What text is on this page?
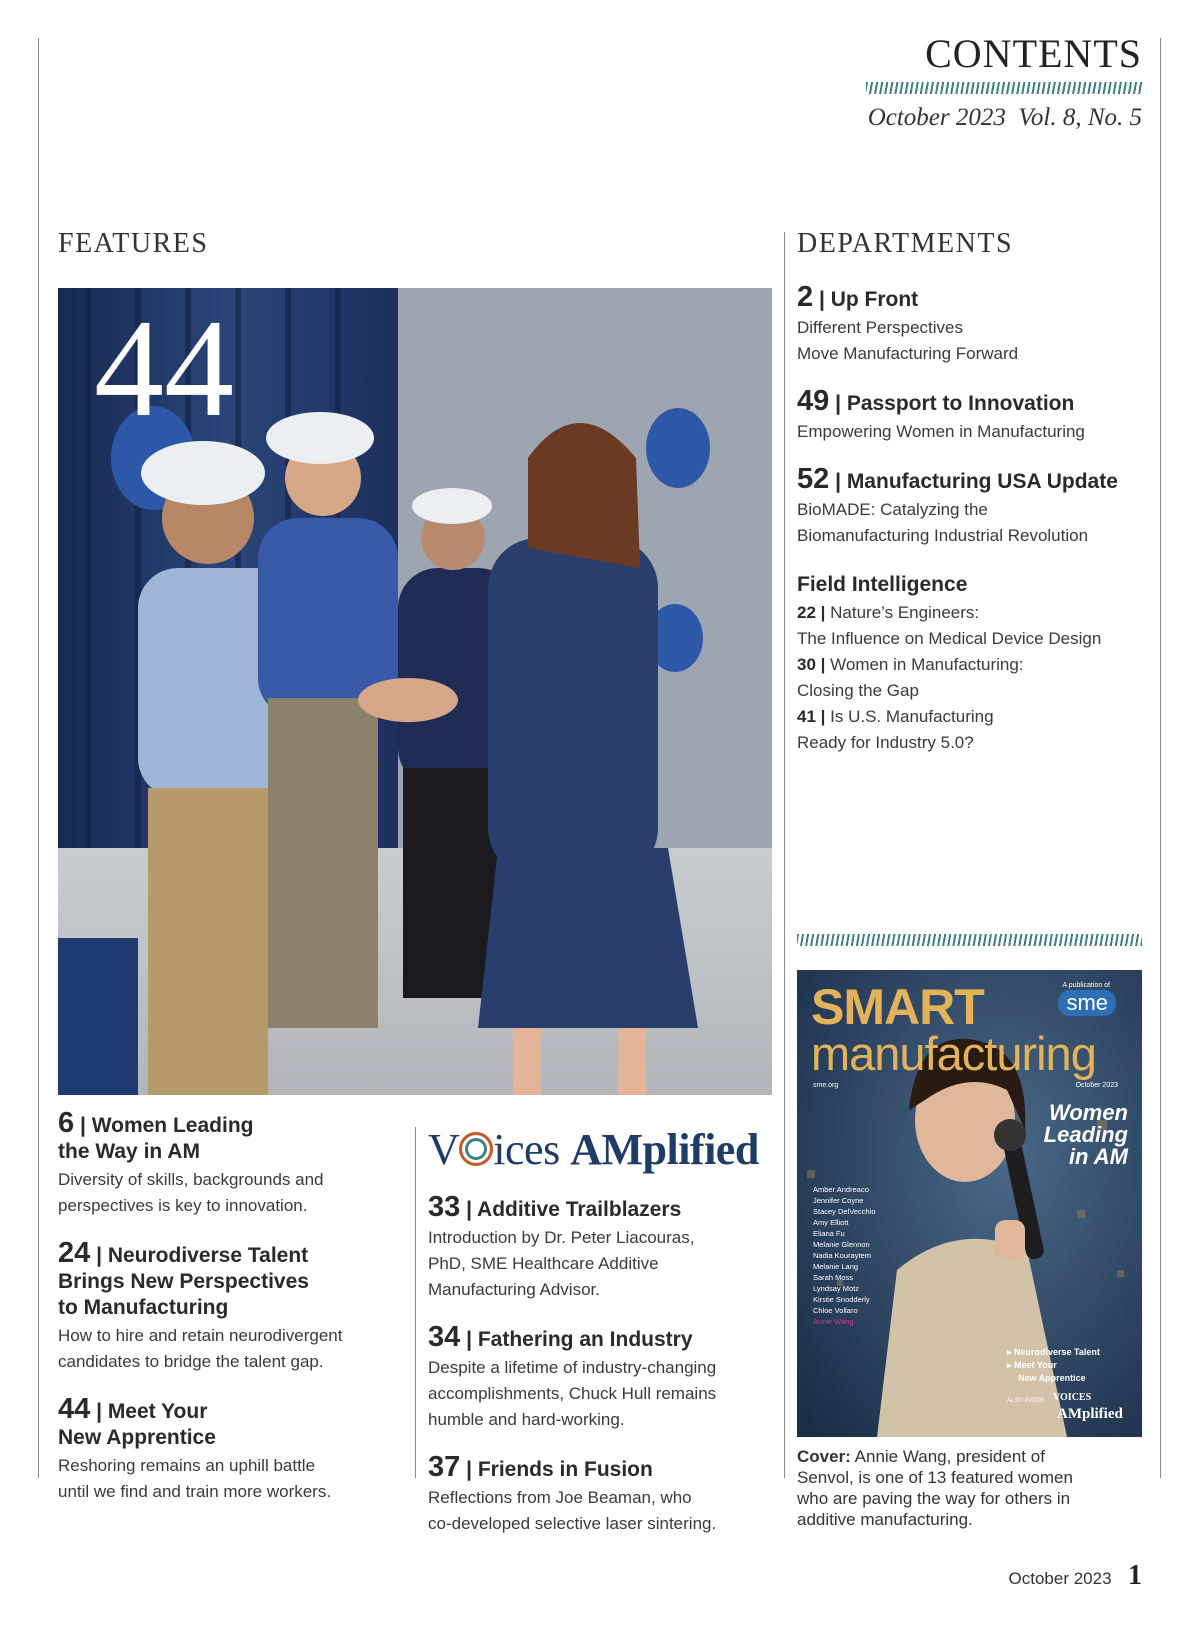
CONTENTS
October 2023 Vol. 8, No. 5
FEATURES
44
6 | Women Leading
the Way in AM
Diversity of skills, backgrounds and
perspectives is key to innovation.
24 | Neurodiverse Talent
Brings New Perspectives
to Manufacturing
How to hire and retain neurodivergent
candidates to bridge the talent gap.
44 | Meet Your
New Apprentice
Reshoring remains an uphill battle
until we find and train more workers.
V ices AMplified
33 | Additive Trailblazers
Introduction by Dr. Peter Liacouras,
PhD, SME Healthcare Additive
Manufacturing Advisor.
34 | Fathering an Industry
Despite a lifetime of industry-changing
accomplishments, Chuck Hull remains
humble and hard-working.
37 | Friends in Fusion
Reflections from Joe Beaman, who
co-developed selective laser sintering.
DEPARTMENTS
2 | Up Front
Different Perspectives
Move Manufacturing Forward
49 | Passport to Innovation
Empowering Women in Manufacturing
52 | Manufacturing USA Update
BioMADE: Catalyzing the
Biomanufacturing Industrial Revolution
Field Intelligence
22 | Nature’s Engineers:
The Influence on Medical Device Design
30 | Women in Manufacturing:
Closing the Gap
41 | Is U.S. Manufacturing
Ready for Industry 5.0?
SMART
manufacturing
A publication of
sme
sme.org	October 2023
Women
Leading
in AM
Amber Andreaco
Jennifer Coyne
Stacey DelVecchio
Amy Elliott
Eliana Fu
Melanie Glennon
Nadia Kouraytem
Melanie Lang
Sarah Moss
Lyndsay Motz
Kirstie Snodderly
Chloe Vollaro
Annie Wang
▸ Neurodiverse Talent
▸ Meet Your
New Apprentice
ALSO INSIDE VOICES
AMplified
Cover: Annie Wang, president of
Senvol, is one of 13 featured women
who are paving the way for others in
additive manufacturing.
October 2023 1
